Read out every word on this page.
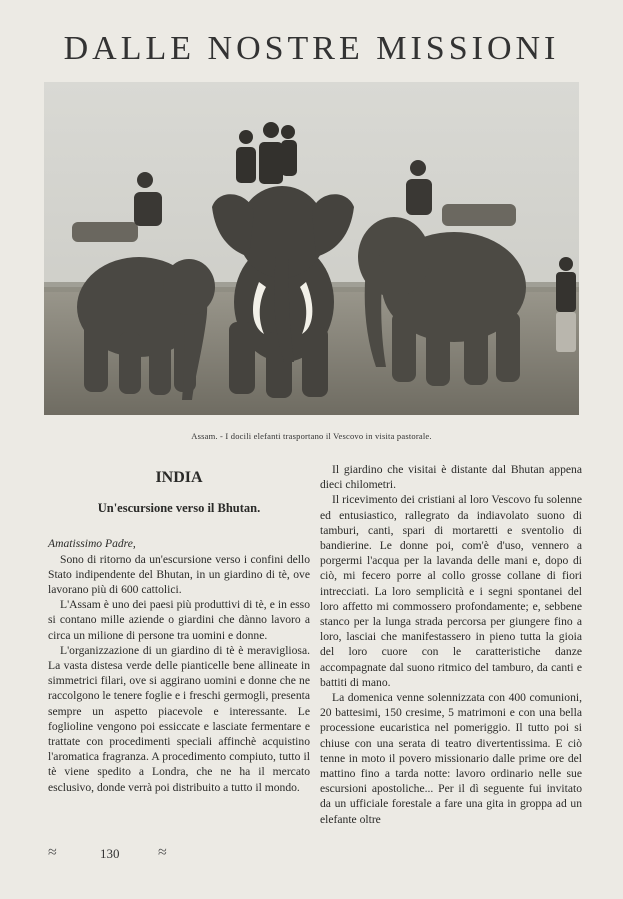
DALLE NOSTRE MISSIONI
Assam. - I docili elefanti trasportano il Vescovo in visita pastorale.
INDIA
Un'escursione verso il Bhutan.

Amatissimo Padre,

Sono di ritorno da un'escursione verso i confini dello Stato indipendente del Bhutan, in un giardino di tè, ove lavorano più di 600 cattolici.

L'Assam è uno dei paesi più produttivi di tè, e in esso si contano mille aziende o giardini che dànno lavoro a circa un milione di persone tra uomini e donne.

L'organizzazione di un giardino di tè è meravigliosa. La vasta distesa verde delle pianticelle bene allineate in simmetrici filari, ove si aggirano uomini e donne che ne raccolgono le tenere foglie e i freschi germogli, presenta sempre un aspetto piacevole e interessante. Le foglioline vengono poi essiccate e lasciate fermentare e trattate con procedimenti speciali affinchè acquistino l'aromatica fragranza. A procedimento compiuto, tutto il tè viene spedito a Londra, che ne ha il mercato esclusivo, donde verrà poi distribuito a tutto il mondo.

Il giardino che visitai è distante dal Bhutan appena dieci chilometri.

Il ricevimento dei cristiani al loro Vescovo fu solenne ed entusiastico, rallegrato da indiavolato suono di tamburi, canti, spari di mortaretti e sventolio di bandierine. Le donne poi, com'è d'uso, vennero a porgermi l'acqua per la lavanda delle mani e, dopo di ciò, mi fecero porre al collo grosse collane di fiori intrecciati. La loro semplicità e i segni spontanei del loro affetto mi commossero profondamente; e, sebbene stanco per la lunga strada percorsa per giungere fino a loro, lasciai che manifestassero in pieno tutta la gioia del loro cuore con le caratteristiche danze accompagnate dal suono ritmico del tamburo, da canti e battiti di mano.

La domenica venne solennizzata con 400 comunioni, 20 battesimi, 150 cresime, 5 matrimoni e con una bella processione eucaristica nel pomeriggio. Il tutto poi si chiuse con una serata di teatro divertentissima. E ciò tenne in moto il povero missionario dalle prime ore del mattino fino a tarda notte: lavoro ordinario nelle sue escursioni apostoliche... Per il dì seguente fui invitato da un ufficiale forestale a fare una gita in groppa ad un elefante oltre

≈	130 ≈
